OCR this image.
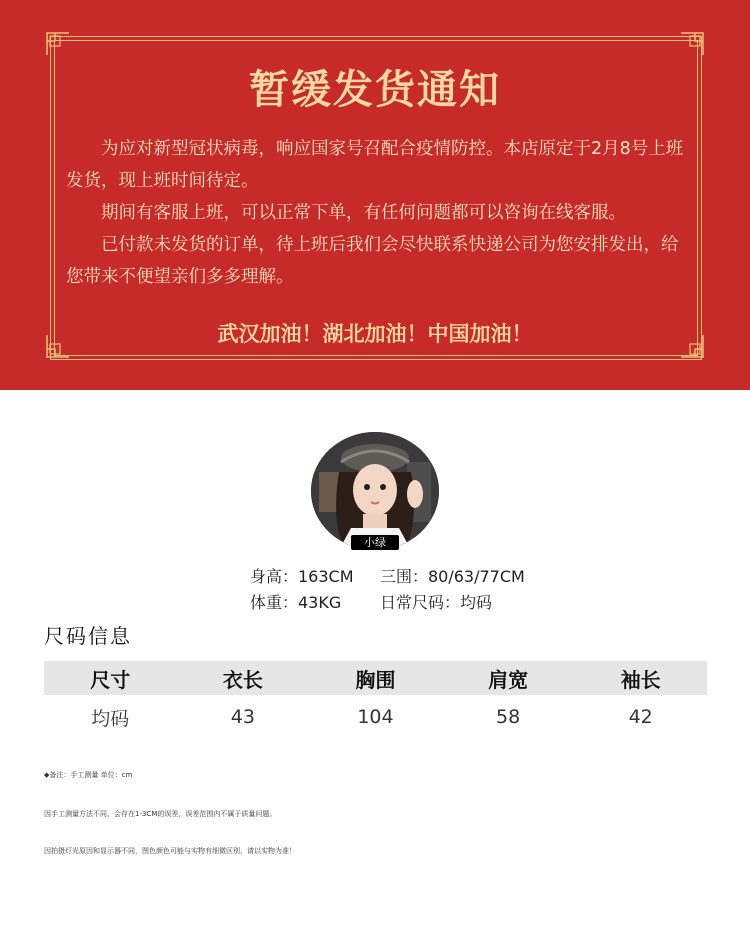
暂缓发货通知

为应对新型冠状病毒，响应国家号召配合疫情防控。本店原定于2月8号上班发货，现上班时间待定。

期间有客服上班，可以正常下单，有任何问题都可以咨询在线客服。

已付款未发货的订单，待上班后我们会尽快联系快递公司为您安排发出，给您带来不便望亲们多多理解。

武汉加油！湖北加油！中国加油！
小绿
身高：163CM 三围：80/63/77CM
体重：43KG 日常尺码：均码
尺码信息
尺寸	衣长	胸围	肩宽	袖长
均码	43	104	58	42
◆备注：手工测量 单位：cm
因手工测量方法不同，会存在1-3CM的误差，误差范围内不属于质量问题。
因拍摄灯光原因和显示器不同，图色颜色可能与实物有细微区别，请以实物为准！
